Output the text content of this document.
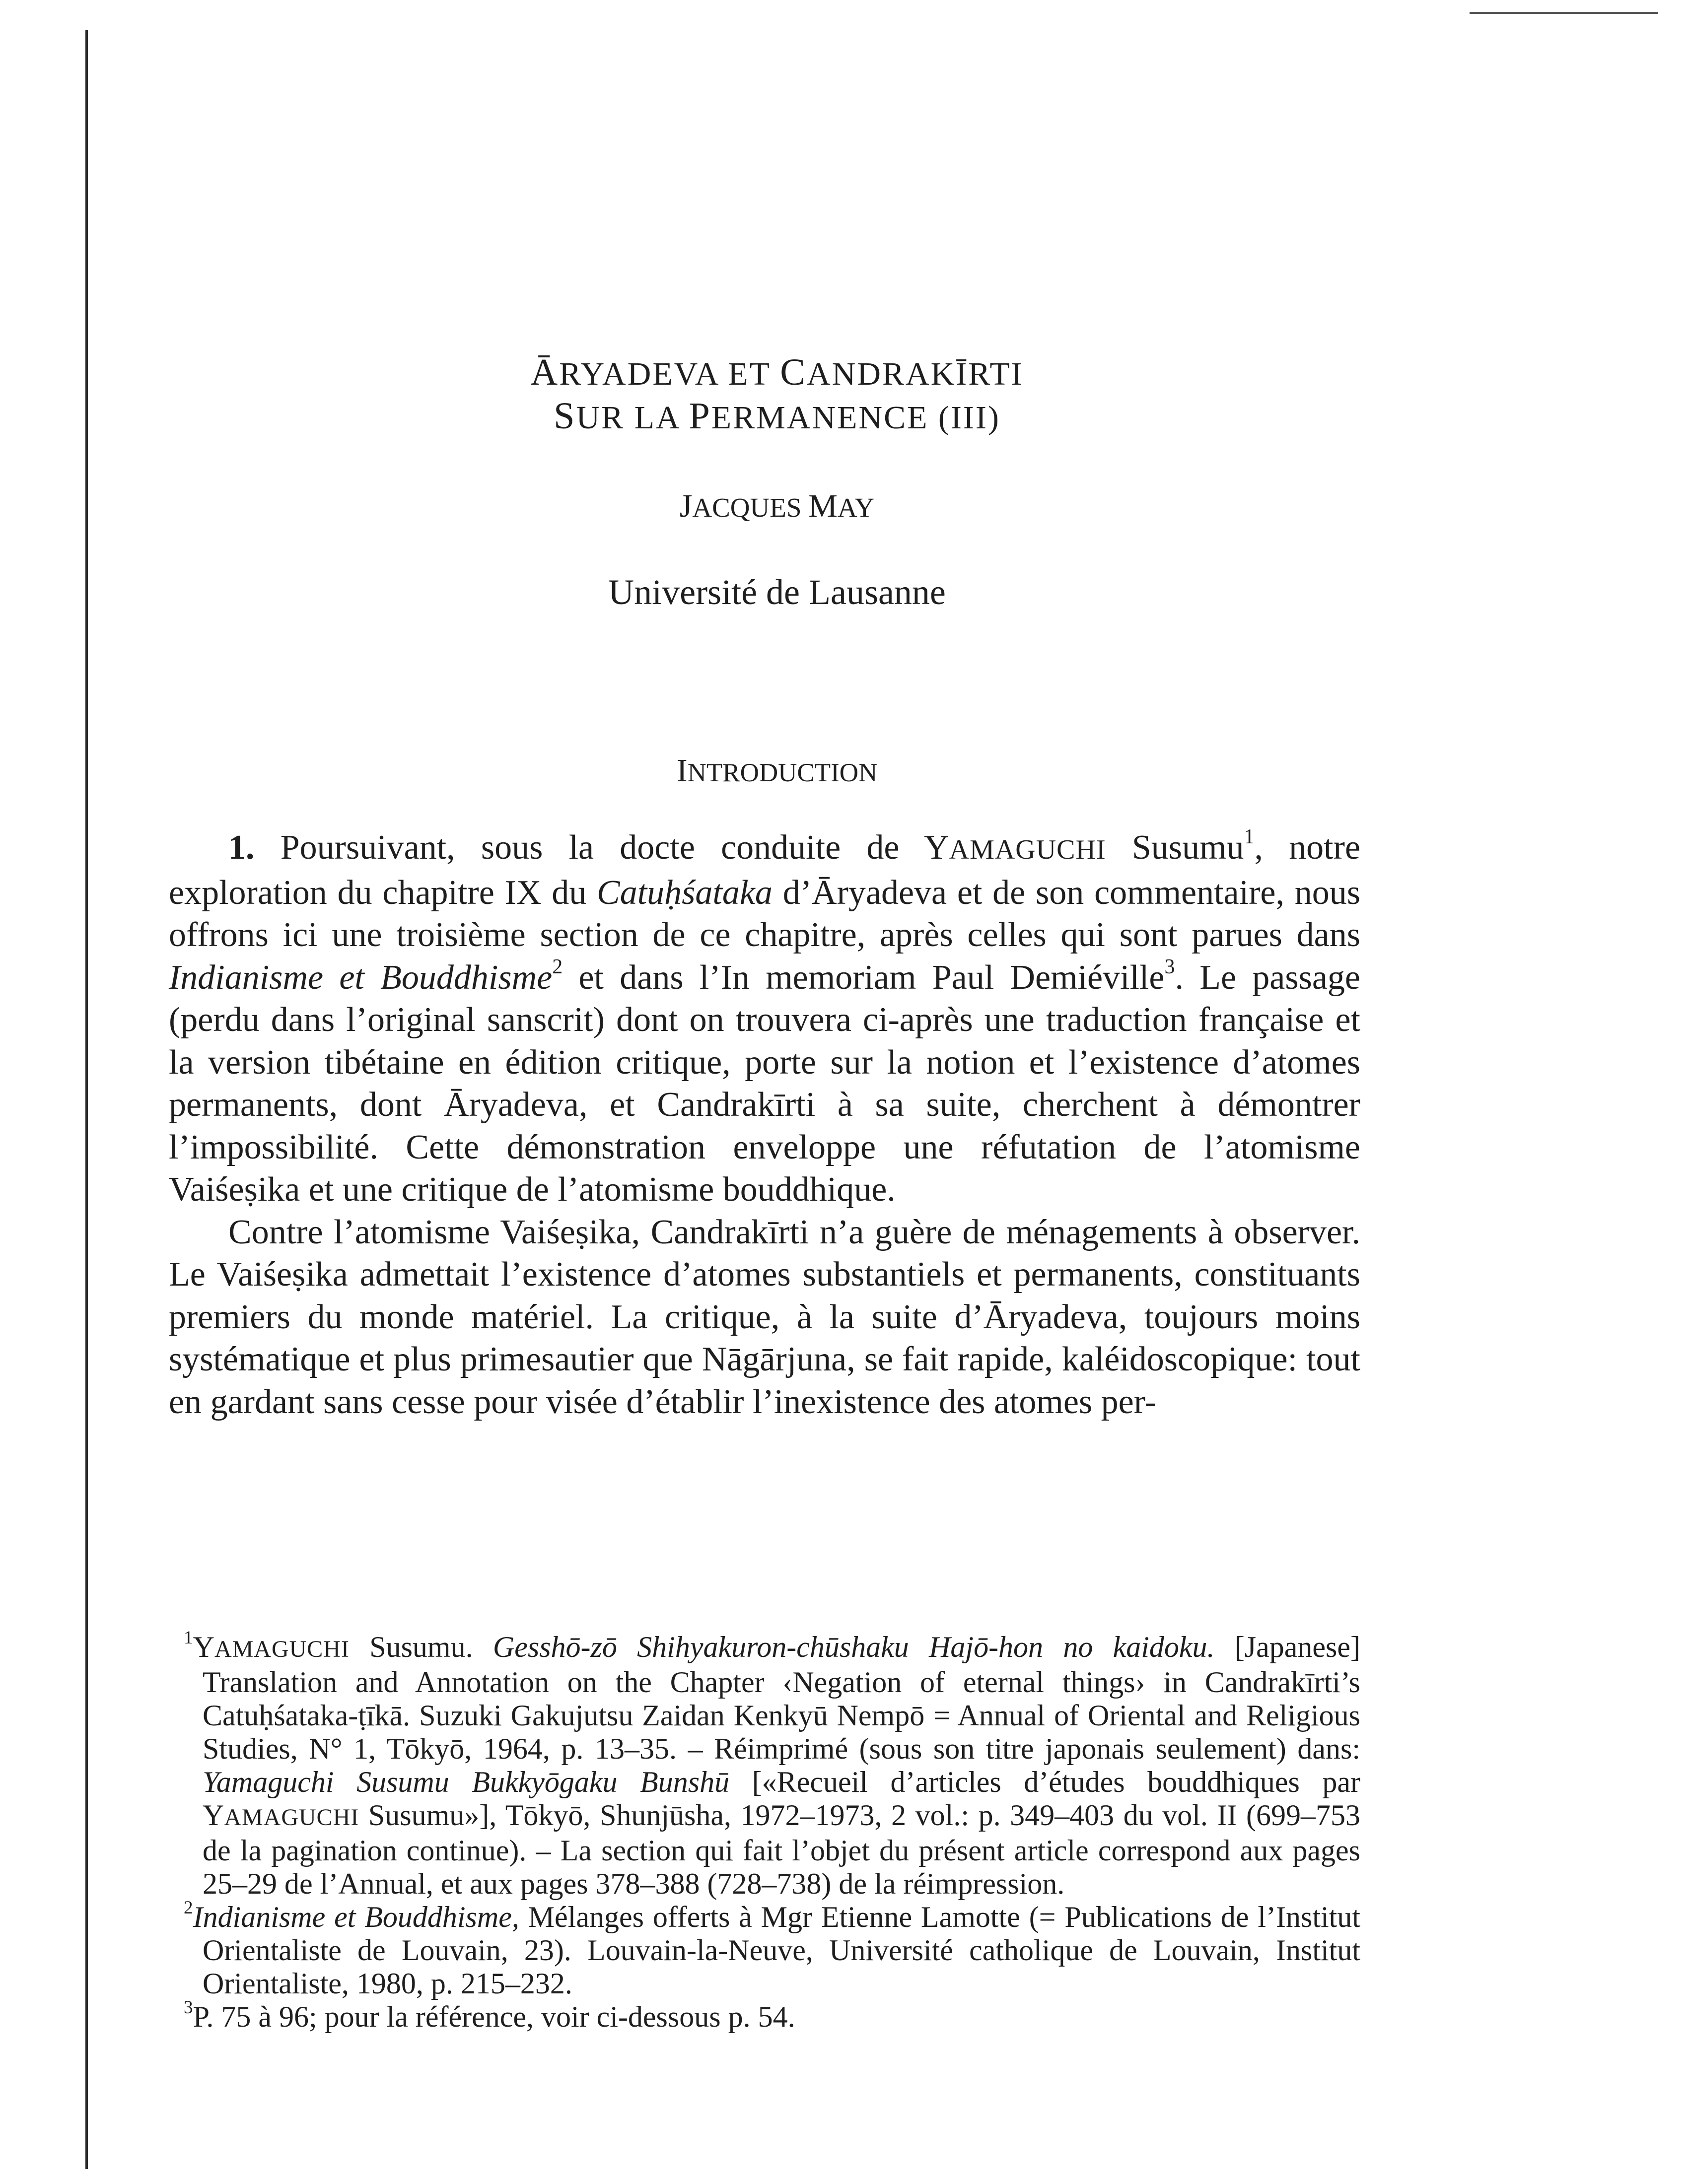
ĀRYADEVA ET CANDRAKĪRTI
SUR LA PERMANENCE (III)
JACQUES MAY
Université de Lausanne
INTRODUCTION

1. Poursuivant, sous la docte conduite de YAMAGUCHI Susumu$^1$, notre exploration du chapitre IX du Catuḥśataka d’Āryadeva et de son commentaire, nous offrons ici une troisième section de ce chapitre, après celles qui sont parues dans Indianisme et Bouddhisme$^2$ et dans l’In memoriam Paul Demiéville$^3$. Le passage (perdu dans l’original sanscrit) dont on trouvera ci-après une traduction française et la version tibétaine en édition critique, porte sur la notion et l’existence d’atomes permanents, dont Āryadeva, et Candrakīrti à sa suite, cherchent à démontrer l’impossibilité. Cette démonstration enveloppe une réfutation de l’atomisme Vaiśeṣika et une critique de l’atomisme bouddhique.

Contre l’atomisme Vaiśeṣika, Candrakīrti n’a guère de ménagements à observer. Le Vaiśeṣika admettait l’existence d’atomes substantiels et permanents, constituants premiers du monde matériel. La critique, à la suite d’Āryadeva, toujours moins systématique et plus primesautier que Nāgārjuna, se fait rapide, kaléidoscopique: tout en gardant sans cesse pour visée d’établir l’inexistence des atomes per-

$^1$YAMAGUCHI Susumu. Gesshō-zō Shihyakuron-chūshaku Hajō-hon no kaidoku. [Japanese] Translation and Annotation on the Chapter ‹Negation of eternal things› in Candrakīrti’s Catuḥśataka-ṭīkā. Suzuki Gakujutsu Zaidan Kenkyū Nempō = Annual of Oriental and Religious Studies, N° 1, Tōkyō, 1964, p. 13–35. – Réimprimé (sous son titre japonais seulement) dans: Yamaguchi Susumu Bukkyōgaku Bunshū [«Recueil d’articles d’études bouddhiques par YAMAGUCHI Susumu»], Tōkyō, Shunjūsha, 1972–1973, 2 vol.: p. 349–403 du vol. II (699–753 de la pagination continue). – La section qui fait l’objet du présent article correspond aux pages 25–29 de l’Annual, et aux pages 378–388 (728–738) de la réimpression.

$^2$Indianisme et Bouddhisme, Mélanges offerts à Mgr Etienne Lamotte (= Publications de l’Institut Orientaliste de Louvain, 23). Louvain-la-Neuve, Université catholique de Louvain, Institut Orientaliste, 1980, p. 215–232.

$^3$P. 75 à 96; pour la référence, voir ci-dessous p. 54.
